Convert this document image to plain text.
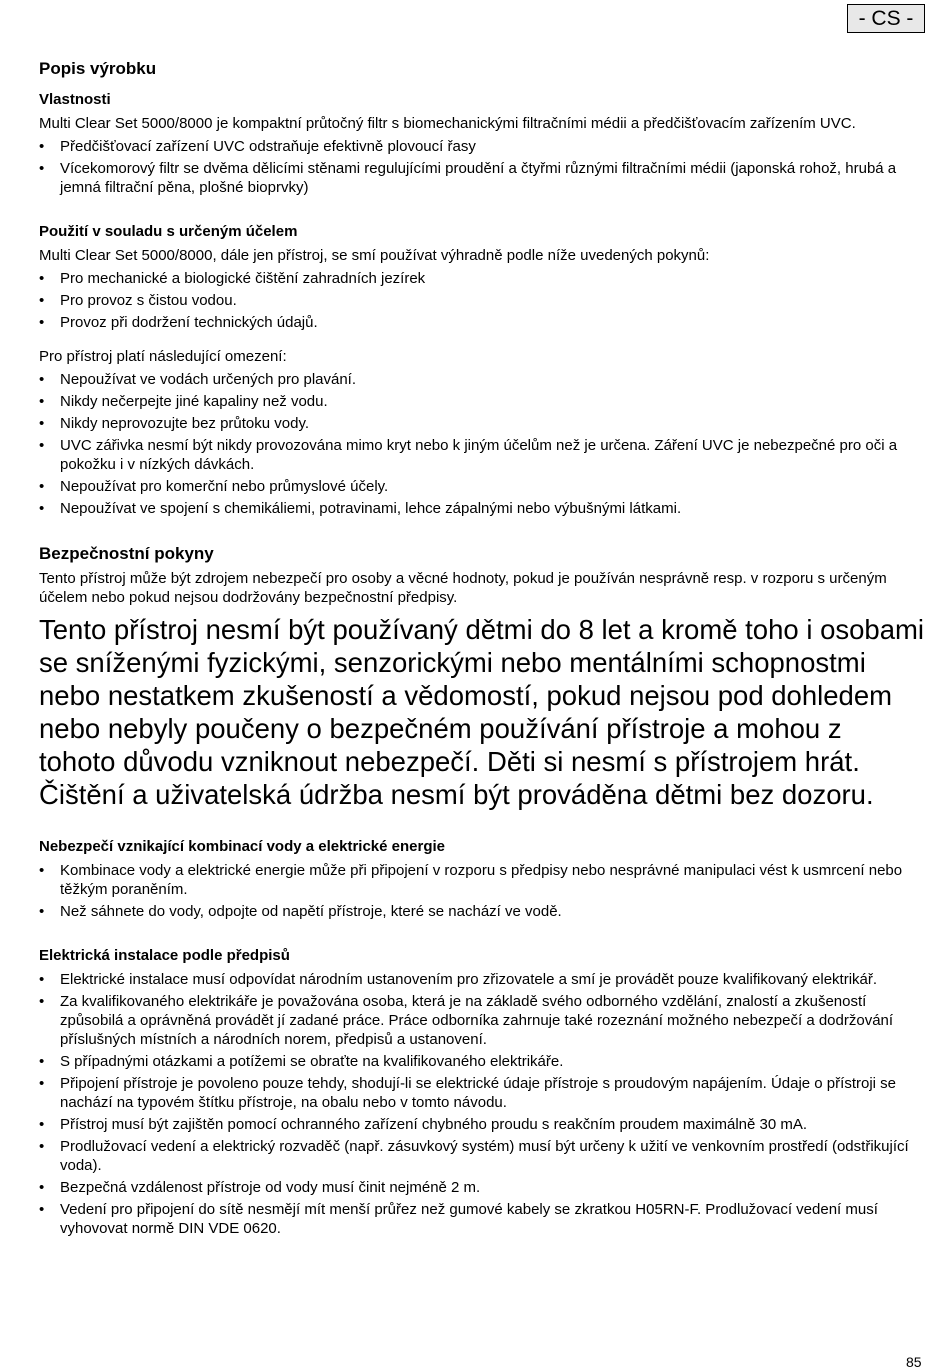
- CS -
Popis výrobku
Vlastnosti

Multi Clear Set 5000/8000 je kompaktní průtočný filtr s biomechanickými filtračními médii a předčišťovacím zařízením UVC.

• Předčišťovací zařízení UVC odstraňuje efektivně plovoucí řasy
• Vícekomorový filtr se dvěma dělicími stěnami regulujícími proudění a čtyřmi různými filtračními médii (japonská rohož, hrubá a jemná filtrační pěna, plošné bioprvky)
Použití v souladu s určeným účelem

Multi Clear Set 5000/8000, dále jen přístroj, se smí používat výhradně podle níže uvedených pokynů:

• Pro mechanické a biologické čištění zahradních jezírek
• Pro provoz s čistou vodou.
• Provoz při dodržení technických údajů.

Pro přístroj platí následující omezení:

• Nepoužívat ve vodách určených pro plavání.
• Nikdy nečerpejte jiné kapaliny než vodu.
• Nikdy neprovozujte bez průtoku vody.
• UVC zářivka nesmí být nikdy provozována mimo kryt nebo k jiným účelům než je určena. Záření UVC je nebezpečné pro oči a pokožku i v nízkých dávkách.
• Nepoužívat pro komerční nebo průmyslové účely.
• Nepoužívat ve spojení s chemikáliemi, potravinami, lehce zápalnými nebo výbušnými látkami.
Bezpečnostní pokyny

Tento přístroj může být zdrojem nebezpečí pro osoby a věcné hodnoty, pokud je používán nesprávně resp. v rozporu s určeným účelem nebo pokud nejsou dodržovány bezpečnostní předpisy.

Tento přístroj nesmí být používaný dětmi do 8 let a kromě toho i osobami se sníženými fyzickými, senzorickými nebo mentálními schopnostmi nebo nestatkem zkušeností a vědomostí, pokud nejsou pod dohledem nebo nebyly poučeny o bezpečném používání přístroje a mohou z tohoto důvodu vzniknout nebezpečí. Děti si nesmí s přístrojem hrát. Čištění a uživatelská údržba nesmí být prováděna dětmi bez dozoru.

Nebezpečí vznikající kombinací vody a elektrické energie
• Kombinace vody a elektrické energie může při připojení v rozporu s předpisy nebo nesprávné manipulaci vést k usmrcení nebo těžkým poraněním.
• Než sáhnete do vody, odpojte od napětí přístroje, které se nachází ve vodě.
Elektrická instalace podle předpisů
• Elektrické instalace musí odpovídat národním ustanovením pro zřizovatele a smí je provádět pouze kvalifikovaný elektrikář.
• Za kvalifikovaného elektrikáře je považována osoba, která je na základě svého odborného vzdělání, znalostí a zkušeností způsobilá a oprávněná provádět jí zadané práce. Práce odborníka zahrnuje také rozeznání možného nebezpečí a dodržování příslušných místních a národních norem, předpisů a ustanovení.
• S případnými otázkami a potížemi se obraťte na kvalifikovaného elektrikáře.
• Připojení přístroje je povoleno pouze tehdy, shodují-li se elektrické údaje přístroje s proudovým napájením. Údaje o přístroji se nachází na typovém štítku přístroje, na obalu nebo v tomto návodu.
• Přístroj musí být zajištěn pomocí ochranného zařízení chybného proudu s reakčním proudem maximálně 30 mA.
• Prodlužovací vedení a elektrický rozvaděč (např. zásuvkový systém) musí být určeny k užití ve venkovním prostředí (odstřikující voda).
• Bezpečná vzdálenost přístroje od vody musí činit nejméně 2 m.
• Vedení pro připojení do sítě nesmějí mít menší průřez než gumové kabely se zkratkou H05RN-F. Prodlužovací vedení musí vyhovovat normě DIN VDE 0620.
85
